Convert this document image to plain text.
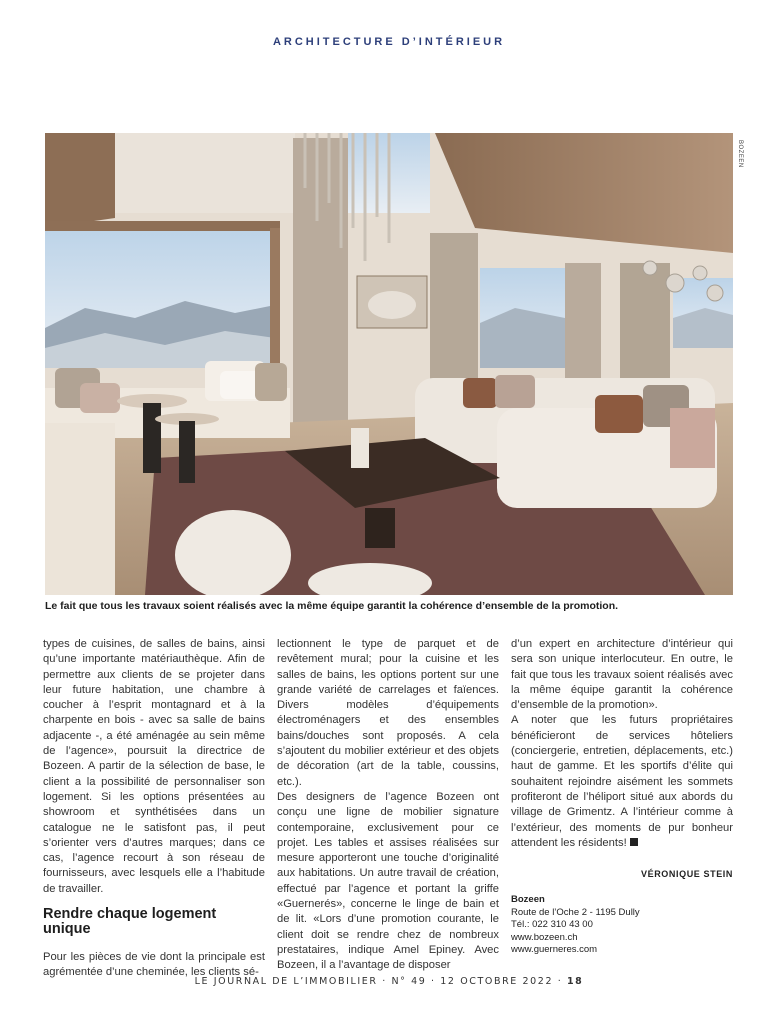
ARCHITECTURE D’INTÉRIEUR
BOZEEN
Le fait que tous les travaux soient réalisés avec la même équipe garantit la cohérence d’ensemble de la promotion.

types de cuisines, de salles de bains, ainsi qu’une importante matériauthèque. Afin de permettre aux clients de se projeter dans leur future habitation, une chambre à coucher à l’esprit montagnard et à la charpente en bois - avec sa salle de bains adjacente -, a été aménagée au sein même de l’agence», poursuit la directrice de Bozeen. A partir de la sélection de base, le client a la possibilité de personnaliser son logement. Si les options présentées au showroom et synthétisées dans un catalogue ne le satisfont pas, il peut s’orienter vers d’autres marques; dans ce cas, l’agence recourt à son réseau de fournisseurs, avec lesquels elle a l’habitude de travailler.

Rendre chaque logement unique

Pour les pièces de vie dont la principale est agrémentée d’une cheminée, les clients sé-

lectionnent le type de parquet et de revêtement mural; pour la cuisine et les salles de bains, les options portent sur une grande variété de carrelages et faïences. Divers modèles d’équipements électroménagers et des ensembles bains/douches sont proposés. A cela s’ajoutent du mobilier extérieur et des objets de décoration (art de la table, coussins, etc.).

Des designers de l’agence Bozeen ont conçu une ligne de mobilier signature contemporaine, exclusivement pour ce projet. Les tables et assises réalisées sur mesure apporteront une touche d’originalité aux habitations. Un autre travail de création, effectué par l’agence et portant la griffe «Guernerés», concerne le linge de bain et de lit. «Lors d’une promotion courante, le client doit se rendre chez de nombreux prestataires, indique Amel Epiney. Avec Bozeen, il a l’avantage de disposer

d’un expert en architecture d’intérieur qui sera son unique interlocuteur. En outre, le fait que tous les travaux soient réalisés avec la même équipe garantit la cohérence d’ensemble de la promotion».

A noter que les futurs propriétaires bénéficieront de services hôteliers (conciergerie, entretien, déplacements, etc.) haut de gamme. Et les sportifs d’élite qui souhaitent rejoindre aisément les sommets profiteront de l’héliport situé aux abords du village de Grimentz. A l’intérieur comme à l’extérieur, des moments de pur bonheur attendent les résidents!

VÉRONIQUE STEIN

Bozeen
Route de l’Oche 2 - 1195 Dully
Tél.: 022 310 43 00
www.bozeen.ch
www.guerneres.com
LE JOURNAL DE L’IMMOBILIER · N° 49 · 12 OCTOBRE 2022 · 18
